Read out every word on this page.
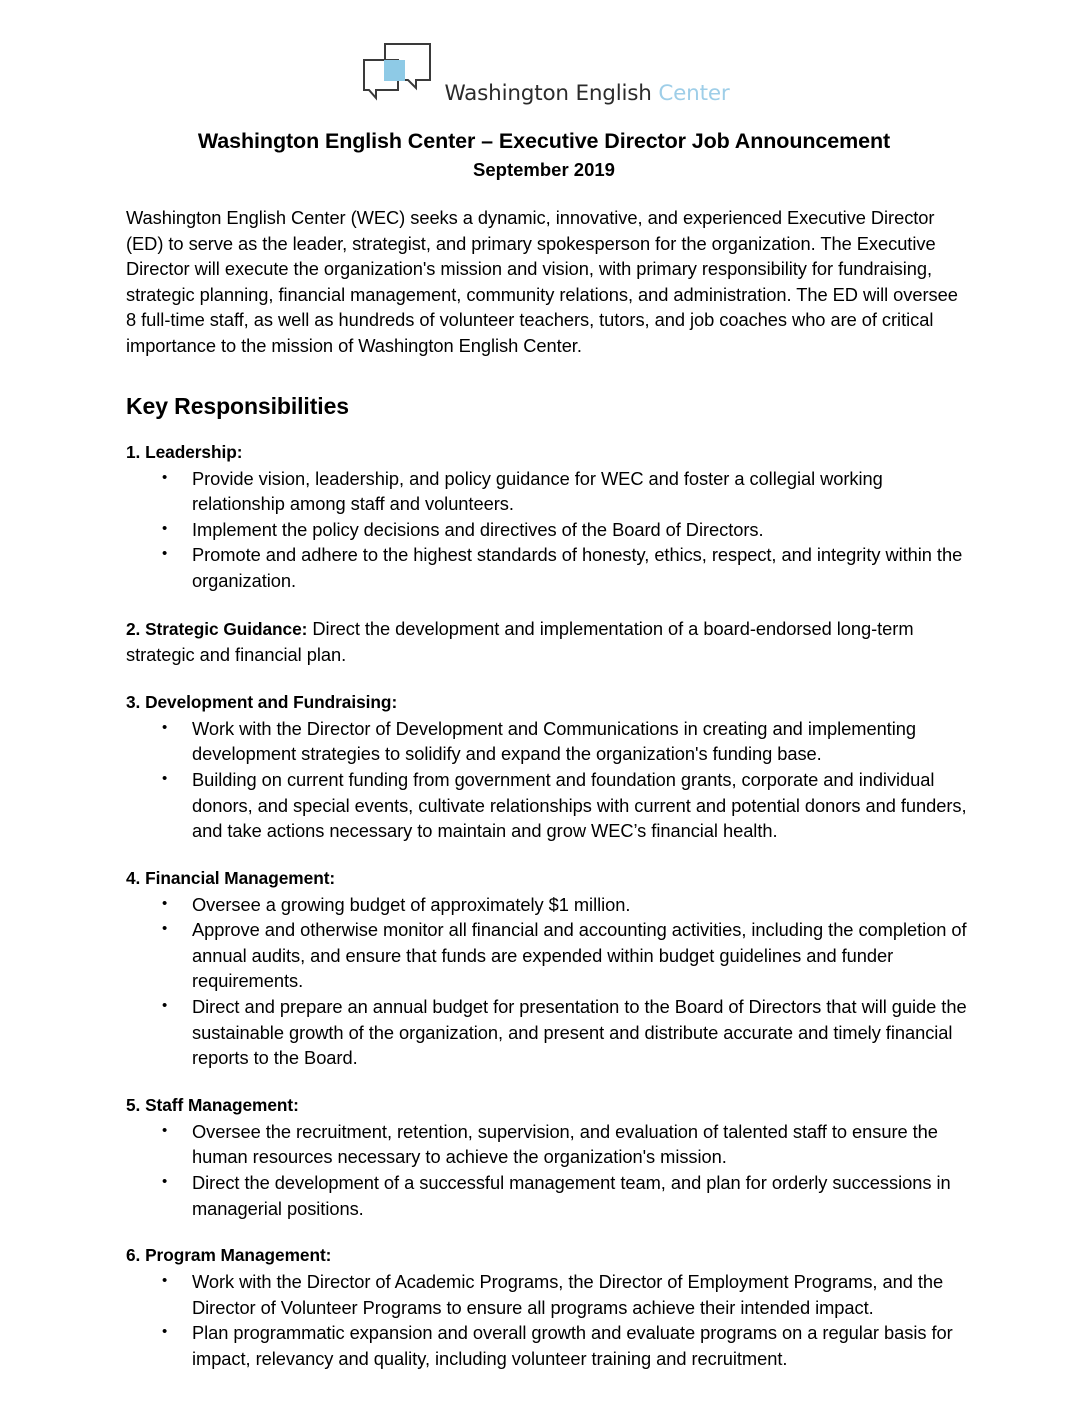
Washington English Center
Washington English Center – Executive Director Job Announcement
September 2019

Washington English Center (WEC) seeks a dynamic, innovative, and experienced Executive Director (ED) to serve as the leader, strategist, and primary spokesperson for the organization. The Executive Director will execute the organization's mission and vision, with primary responsibility for fundraising, strategic planning, financial management, community relations, and administration. The ED will oversee 8 full-time staff, as well as hundreds of volunteer teachers, tutors, and job coaches who are of critical importance to the mission of Washington English Center.

Key Responsibilities
1. Leadership:
• Provide vision, leadership, and policy guidance for WEC and foster a collegial working relationship among staff and volunteers.
• Implement the policy decisions and directives of the Board of Directors.
• Promote and adhere to the highest standards of honesty, ethics, respect, and integrity within the organization.
2. Strategic Guidance: Direct the development and implementation of a board-endorsed long-term strategic and financial plan.
3. Development and Fundraising:
• Work with the Director of Development and Communications in creating and implementing development strategies to solidify and expand the organization's funding base.
• Building on current funding from government and foundation grants, corporate and individual donors, and special events, cultivate relationships with current and potential donors and funders, and take actions necessary to maintain and grow WEC’s financial health.
4. Financial Management:
• Oversee a growing budget of approximately $1 million.
• Approve and otherwise monitor all financial and accounting activities, including the completion of annual audits, and ensure that funds are expended within budget guidelines and funder requirements.
• Direct and prepare an annual budget for presentation to the Board of Directors that will guide the sustainable growth of the organization, and present and distribute accurate and timely financial reports to the Board.
5. Staff Management:
• Oversee the recruitment, retention, supervision, and evaluation of talented staff to ensure the human resources necessary to achieve the organization's mission.
• Direct the development of a successful management team, and plan for orderly successions in managerial positions.
6. Program Management:
• Work with the Director of Academic Programs, the Director of Employment Programs, and the Director of Volunteer Programs to ensure all programs achieve their intended impact.
• Plan programmatic expansion and overall growth and evaluate programs on a regular basis for impact, relevancy and quality, including volunteer training and recruitment.
